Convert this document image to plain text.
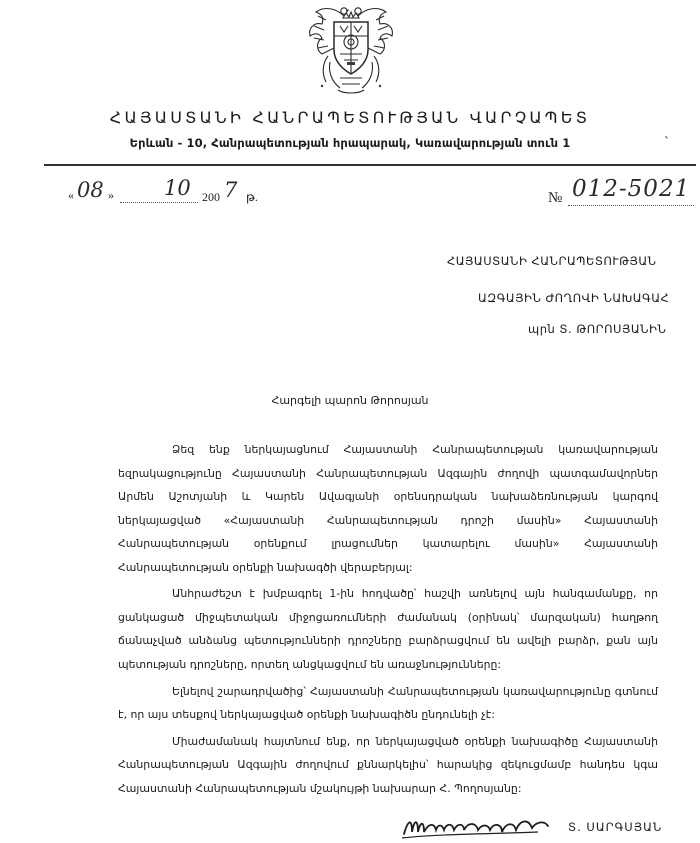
ՀԱՅԱՍՏԱՆԻ ՀԱՆՐԱՊԵՏՈՒԹՅԱՆ ՎԱՐՉԱՊԵՏ
Երևան - 10, Հանրապետության հրապարակ, Կառավարության տուն 1	`
« 08 » 10 200 7 թ.	№ 012-5021
ՀԱՅԱՍՏԱՆԻ ՀԱՆՐԱՊԵՏՈՒԹՅԱՆ
ԱԶԳԱՅԻՆ ԺՈՂՈՎԻ ՆԱԽԱԳԱՀ
պրն Տ. ԹՈՐՈՍՅԱՆԻՆ
Հարգելի պարոն Թորոսյան

Ձեզ ենք ներկայացնում Հայաստանի Հանրապետության կառավարության եզրակացությունը Հայաստանի Հանրապետության Ազգային ժողովի պատգամավորներ Արմեն Աշոտյանի և Կարեն Ավագյանի օրենսդրական նախաձեռնության կարգով ներկայացված «Հայաստանի Հանրապետության դրոշի մասին» Հայաստանի Հանրապետության օրենքում լրացումներ կատարելու մասին» Հայաստանի Հանրապետության օրենքի նախագծի վերաբերյալ:

Անհրաժեշտ է խմբագրել 1-ին հոդվածը՝ հաշվի առնելով այն հանգամանքը, որ ցանկացած միջպետական միջոցառումների ժամանակ (օրինակ՝ մարզական) հաղթող ճանաչված անձանց պետությունների դրոշները բարձրացվում են ավելի բարձր, քան այն պետության դրոշները, որտեղ անցկացվում են առաջնությունները:

Ելնելով շարադրվածից՝ Հայաստանի Հանրապետության կառավարությունը գտնում է, որ այս տեսքով ներկայացված օրենքի նախագիծն ընդունելի չէ:

Միաժամանակ հայտնում ենք, որ ներկայացված օրենքի նախագիծը Հայաստանի Հանրապետության Ազգային ժողովում քննարկելիս՝ հարակից զեկուցմամբ հանդես կգա Հայաստանի Հանրապետության մշակույթի նախարար Հ. Պողոսյանը:

Տ. ՍԱՐԳՍՅԱՆ
